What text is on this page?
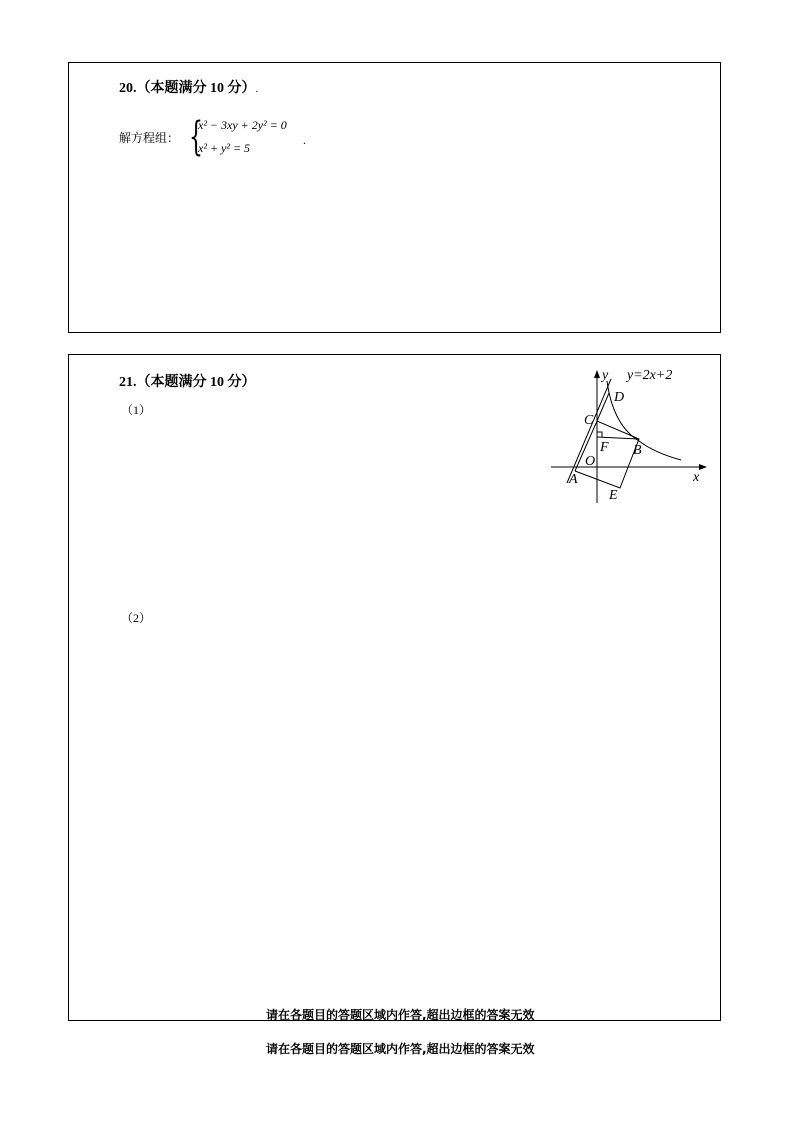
20.（本题满分 10 分）.
解方程组： {
x² − 3xy + 2y² = 0
x² + y² = 5
.
21.（本题满分 10 分）
（1）
（2）
y y=2x+2
D
C
F B
O
A	x
E
请在各题目的答题区域内作答,超出边框的答案无效
请在各题目的答题区域内作答,超出边框的答案无效
